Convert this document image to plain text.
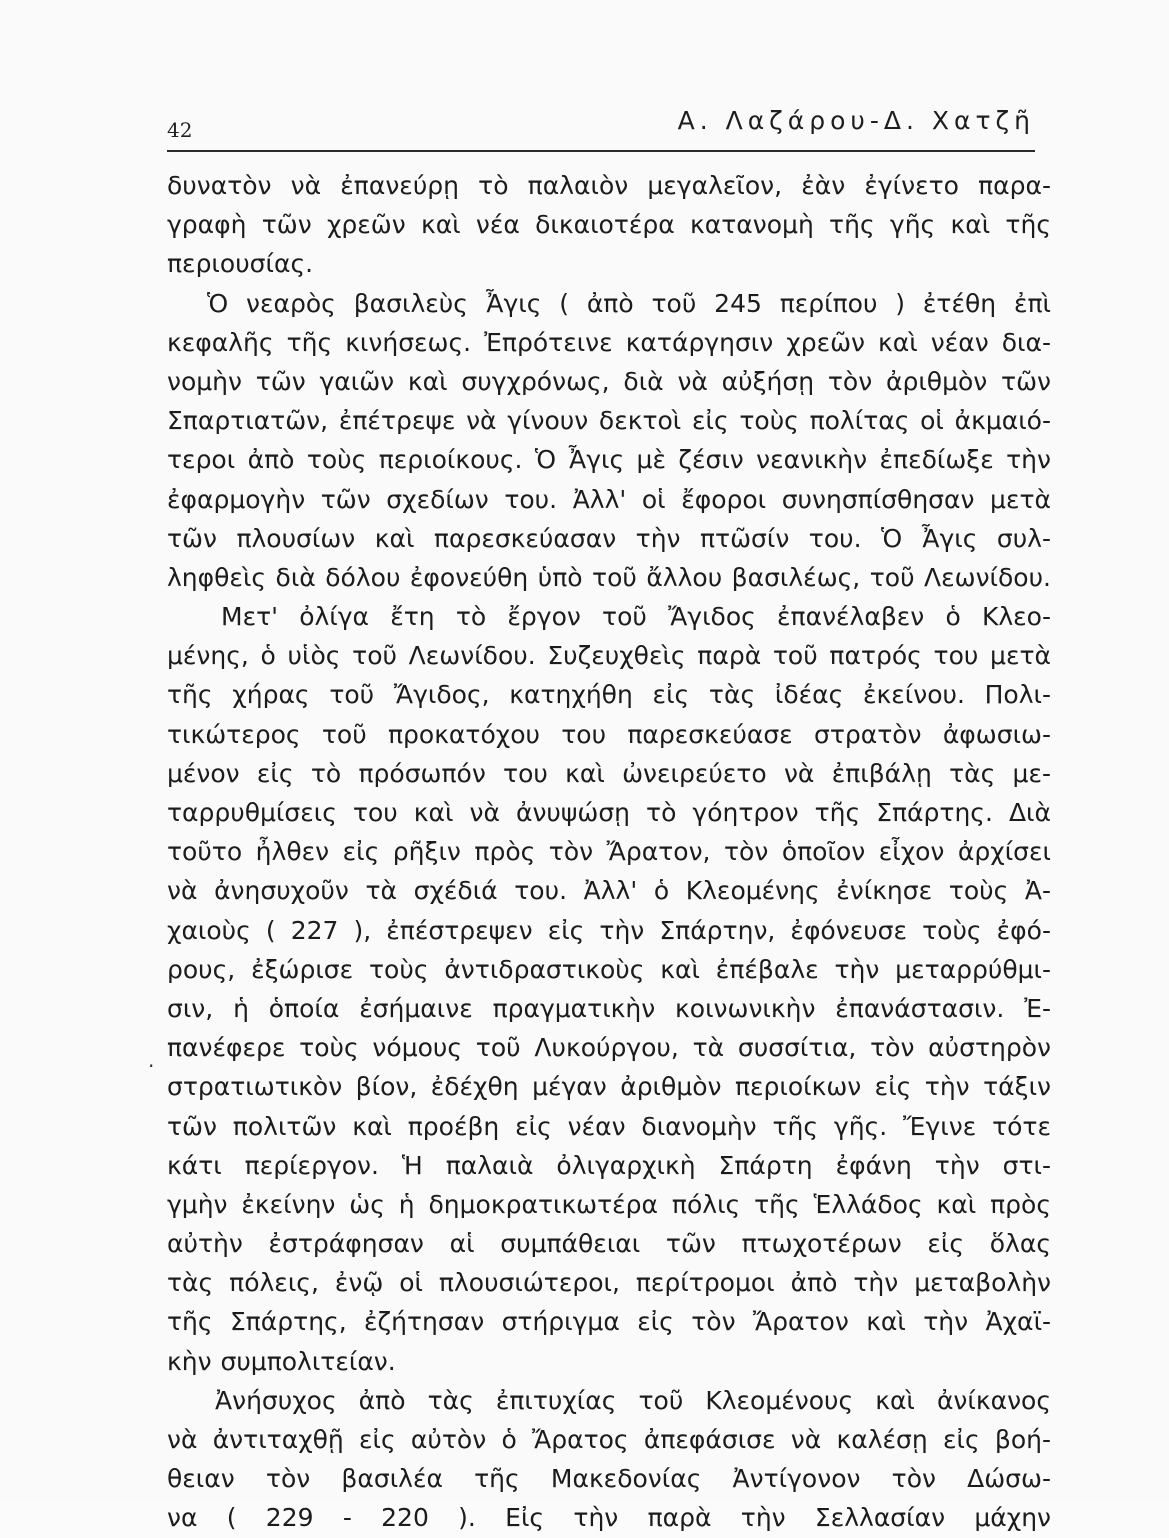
42	Α. Λαζάρου-Δ. Χατζῆ
·
δυνατὸν νὰ ἐπανεύρῃ τὸ παλαιὸν μεγαλεῖον, ἐὰν ἐγίνετο παρα-
γραφὴ τῶν χρεῶν καὶ νέα δικαιοτέρα κατανομὴ τῆς γῆς καὶ τῆς
περιουσίας.
Ὁ νεαρὸς βασιλεὺς Ἆγις ( ἀπὸ τοῦ 245 περίπου ) ἐτέθη ἐπὶ
κεφαλῆς τῆς κινήσεως. Ἐπρότεινε κατάργησιν χρεῶν καὶ νέαν δια-
νομὴν τῶν γαιῶν καὶ συγχρόνως, διὰ νὰ αὐξήσῃ τὸν ἀριθμὸν τῶν
Σπαρτιατῶν, ἐπέτρεψε νὰ γίνουν δεκτοὶ εἰς τοὺς πολίτας οἱ ἀκμαιό-
τεροι ἀπὸ τοὺς περιοίκους. Ὁ Ἆγις μὲ ζέσιν νεανικὴν ἐπεδίωξε τὴν
ἐφαρμογὴν τῶν σχεδίων του. Ἀλλ' οἱ ἔφοροι συνησπίσθησαν μετὰ
τῶν πλουσίων καὶ παρεσκεύασαν τὴν πτῶσίν του. Ὁ Ἆγις συλ-
ληφθεὶς διὰ δόλου ἐφονεύθη ὑπὸ τοῦ ἄλλου βασιλέως, τοῦ Λεωνίδου.
Μετ' ὀλίγα ἔτη τὸ ἔργον τοῦ Ἄγιδος ἐπανέλαβεν ὁ Κλεο-
μένης, ὁ υἱὸς τοῦ Λεωνίδου. Συζευχθεὶς παρὰ τοῦ πατρός του μετὰ
τῆς χήρας τοῦ Ἄγιδος, κατηχήθη εἰς τὰς ἰδέας ἐκείνου. Πολι-
τικώτερος τοῦ προκατόχου του παρεσκεύασε στρατὸν ἀφωσιω-
μένον εἰς τὸ πρόσωπόν του καὶ ὠνειρεύετο νὰ ἐπιβάλῃ τὰς με-
ταρρυθμίσεις του καὶ νὰ ἀνυψώσῃ τὸ γόητρον τῆς Σπάρτης. Διὰ
τοῦτο ἦλθεν εἰς ρῆξιν πρὸς τὸν Ἄρατον, τὸν ὁποῖον εἶχον ἀρχίσει
νὰ ἀνησυχοῦν τὰ σχέδιά του. Ἀλλ' ὁ Κλεομένης ἐνίκησε τοὺς Ἀ-
χαιοὺς ( 227 ), ἐπέστρεψεν εἰς τὴν Σπάρτην, ἐφόνευσε τοὺς ἐφό-
ρους, ἐξώρισε τοὺς ἀντιδραστικοὺς καὶ ἐπέβαλε τὴν μεταρρύθμι-
σιν, ἡ ὁποία ἐσήμαινε πραγματικὴν κοινωνικὴν ἐπανάστασιν. Ἐ-
πανέφερε τοὺς νόμους τοῦ Λυκούργου, τὰ συσσίτια, τὸν αὐστηρὸν
στρατιωτικὸν βίον, ἐδέχθη μέγαν ἀριθμὸν περιοίκων εἰς τὴν τάξιν
τῶν πολιτῶν καὶ προέβη εἰς νέαν διανομὴν τῆς γῆς. Ἔγινε τότε
κάτι περίεργον. Ἡ παλαιὰ ὀλιγαρχικὴ Σπάρτη ἐφάνη τὴν στι-
γμὴν ἐκείνην ὡς ἡ δημοκρατικωτέρα πόλις τῆς Ἑλλάδος καὶ πρὸς
αὐτὴν ἐστράφησαν αἱ συμπάθειαι τῶν πτωχοτέρων εἰς ὅλας
τὰς πόλεις, ἐνῷ οἱ πλουσιώτεροι, περίτρομοι ἀπὸ τὴν μεταβολὴν
τῆς Σπάρτης, ἐζήτησαν στήριγμα εἰς τὸν Ἄρατον καὶ τὴν Ἀχαϊ-
κὴν συμπολιτείαν.
Ἀνήσυχος ἀπὸ τὰς ἐπιτυχίας τοῦ Κλεομένους καὶ ἀνίκανος
νὰ ἀντιταχθῇ εἰς αὐτὸν ὁ Ἄρατος ἀπεφάσισε νὰ καλέσῃ εἰς βοή-
θειαν τὸν βασιλέα τῆς Μακεδονίας Ἀντίγονον τὸν Δώσω-
να ( 229 - 220 ). Εἰς τὴν παρὰ τὴν Σελλασίαν μάχην
